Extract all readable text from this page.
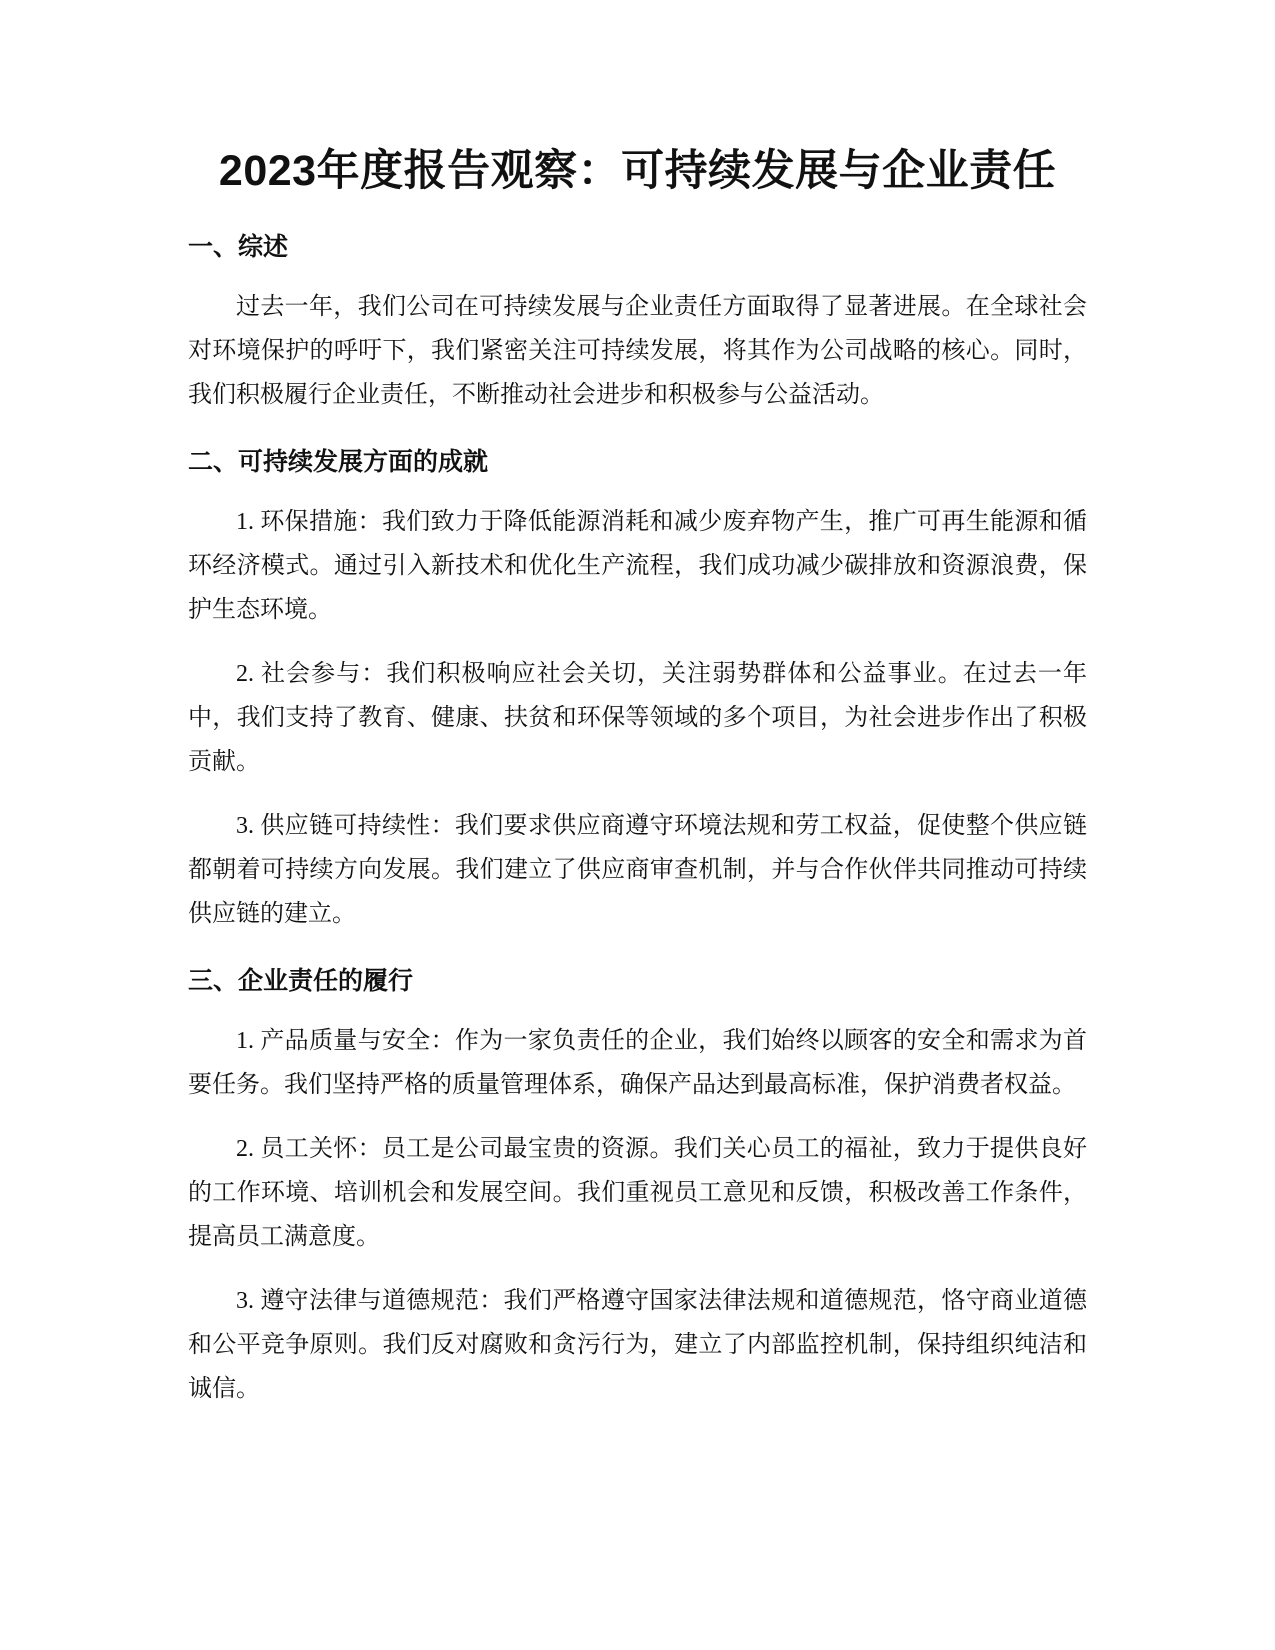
2023年度报告观察：可持续发展与企业责任
一、综述

过去一年，我们公司在可持续发展与企业责任方面取得了显著进展。在全球社会对环境保护的呼吁下，我们紧密关注可持续发展，将其作为公司战略的核心。同时，我们积极履行企业责任，不断推动社会进步和积极参与公益活动。

二、可持续发展方面的成就

1. 环保措施：我们致力于降低能源消耗和减少废弃物产生，推广可再生能源和循环经济模式。通过引入新技术和优化生产流程，我们成功减少碳排放和资源浪费，保护生态环境。

2. 社会参与：我们积极响应社会关切，关注弱势群体和公益事业。在过去一年中，我们支持了教育、健康、扶贫和环保等领域的多个项目，为社会进步作出了积极贡献。

3. 供应链可持续性：我们要求供应商遵守环境法规和劳工权益，促使整个供应链都朝着可持续方向发展。我们建立了供应商审查机制，并与合作伙伴共同推动可持续供应链的建立。

三、企业责任的履行

1. 产品质量与安全：作为一家负责任的企业，我们始终以顾客的安全和需求为首要任务。我们坚持严格的质量管理体系，确保产品达到最高标准，保护消费者权益。

2. 员工关怀：员工是公司最宝贵的资源。我们关心员工的福祉，致力于提供良好的工作环境、培训机会和发展空间。我们重视员工意见和反馈，积极改善工作条件，提高员工满意度。

3. 遵守法律与道德规范：我们严格遵守国家法律法规和道德规范，恪守商业道德和公平竞争原则。我们反对腐败和贪污行为，建立了内部监控机制，保持组织纯洁和诚信。
